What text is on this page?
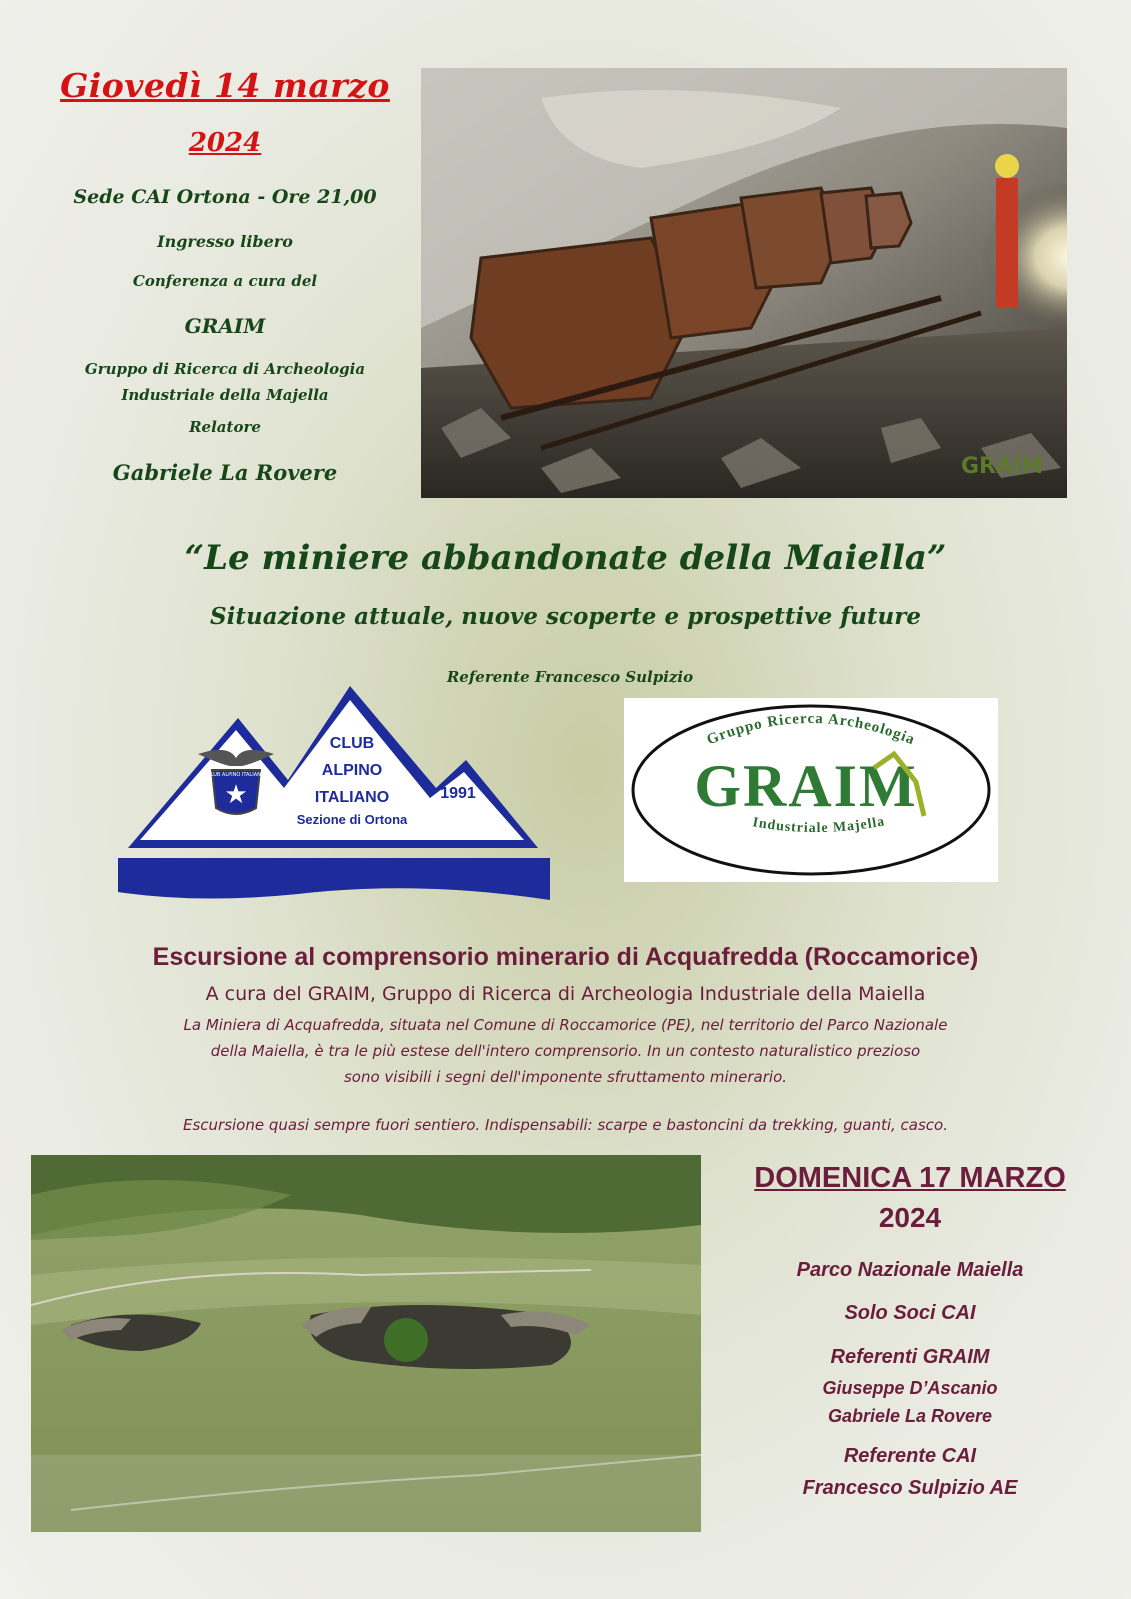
Giovedì 14 marzo
2024
Sede CAI Ortona - Ore 21,00
Ingresso libero
Conferenza a cura del
GRAIM
Gruppo di Ricerca di Archeologia
Industriale della Majella
Relatore
Gabriele La Rovere	GRAIM
“Le miniere abbandonate della Maiella”
Situazione attuale, nuove scoperte e prospettive future
Referente Francesco Sulpizio
★
CLUB ALPINO ITALIANO
CLUB
ALPINO
ITALIANO
Sezione di Ortona
1991
Gruppo Ricerca Archeologia
GRAIM
Industriale Majella
Escursione al comprensorio minerario di Acquafredda (Roccamorice)
A cura del GRAIM, Gruppo di Ricerca di Archeologia Industriale della Maiella
La Miniera di Acquafredda, situata nel Comune di Roccamorice (PE), nel territorio del Parco Nazionale
della Maiella, è tra le più estese dell'intero comprensorio. In un contesto naturalistico prezioso
sono visibili i segni dell'imponente sfruttamento minerario.
Escursione quasi sempre fuori sentiero. Indispensabili: scarpe e bastoncini da trekking, guanti, casco.
DOMENICA 17 MARZO
2024
Parco Nazionale Maiella
Solo Soci CAI
Referenti GRAIM
Giuseppe D’Ascanio
Gabriele La Rovere
Referente CAI
Francesco Sulpizio AE
